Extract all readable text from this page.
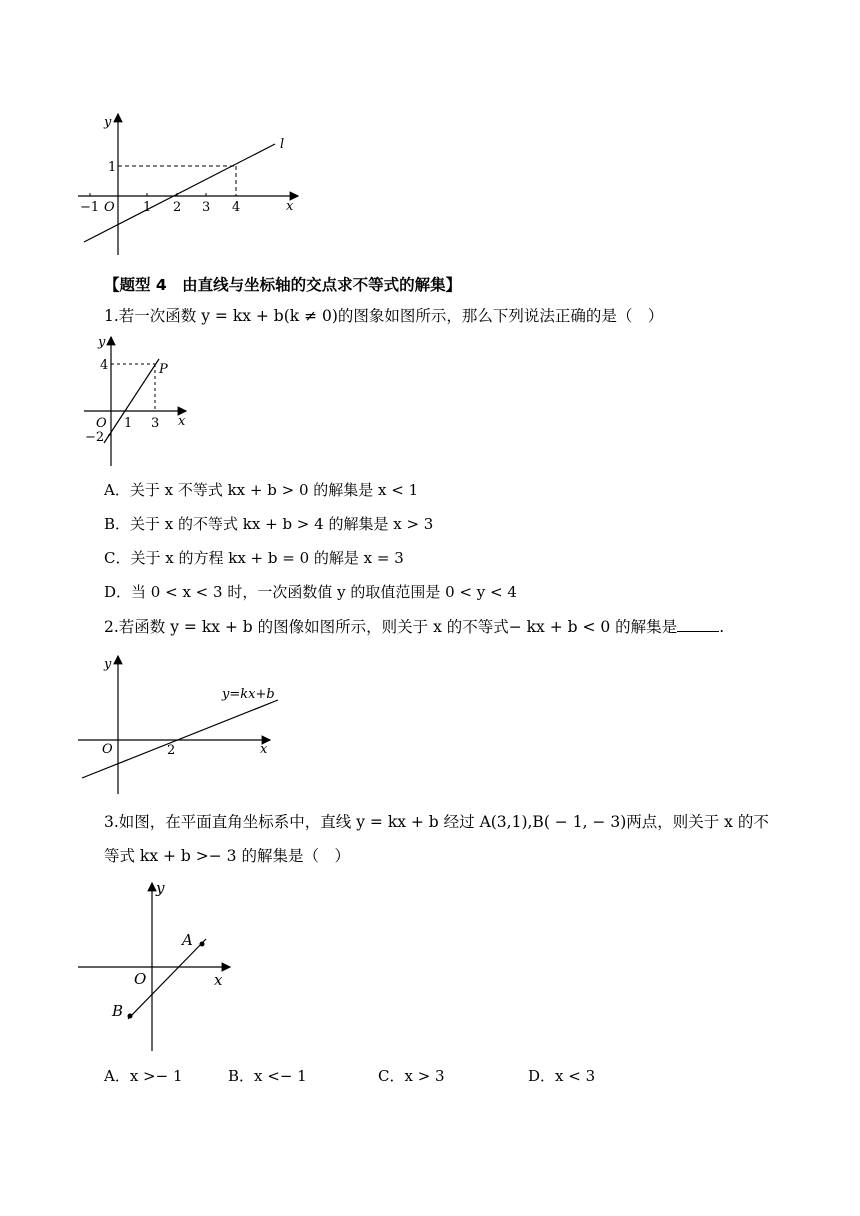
y
x
O
l
1
−1	1 2 3 4
【题型 4　由直线与坐标轴的交点求不等式的解集】
1.若一次函数 y = kx + b(k ≠ 0)的图象如图所示，那么下列说法正确的是（　）
y
x
O
P
4
−2
1 3
A．关于 x 不等式 kx + b > 0 的解集是 x < 1
B．关于 x 的不等式 kx + b > 4 的解集是 x > 3
C．关于 x 的方程 kx + b = 0 的解是 x = 3
D．当 0 < x < 3 时，一次函数值 y 的取值范围是 0 < y < 4
2.若函数 y = kx + b 的图像如图所示，则关于 x 的不等式− kx + b < 0 的解集是	.
y
x
O	2
y=kx+b
3.如图，在平面直角坐标系中，直线 y = kx + b 经过 A(3,1),B( − 1, − 3)两点，则关于 x 的不
等式 kx + b >− 3 的解集是（　）
y
x
O
A
B
A．x >− 1	B．x <− 1	C．x > 3	D．x < 3
